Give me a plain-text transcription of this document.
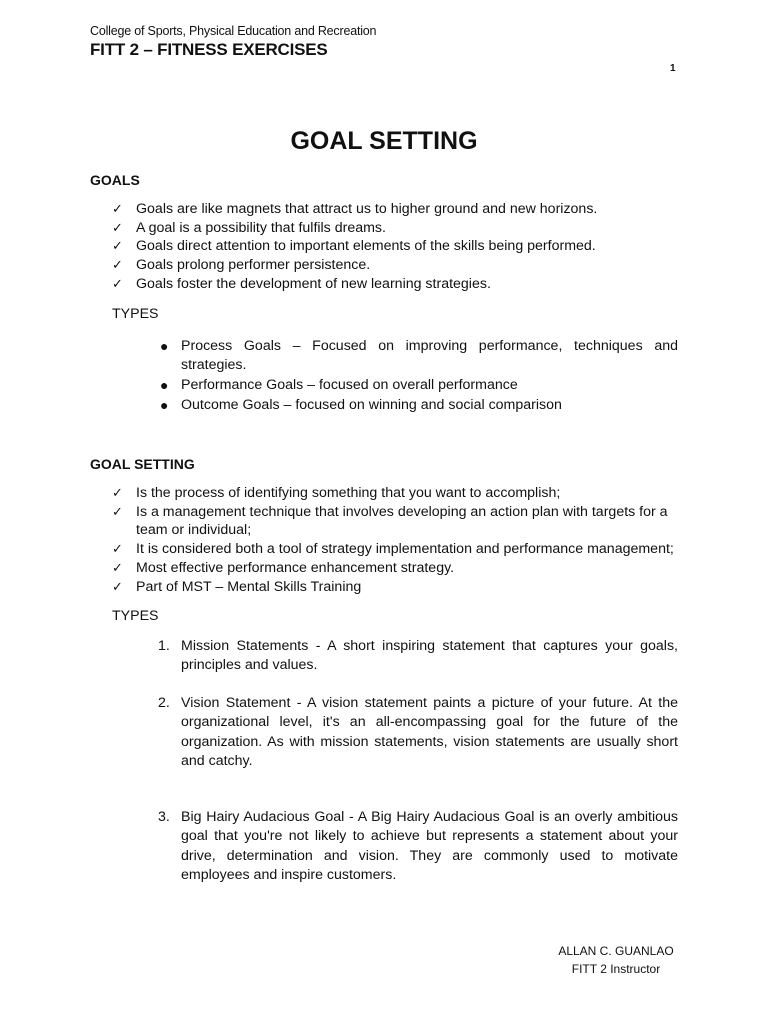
College of Sports, Physical Education and Recreation
FITT 2 – FITNESS EXERCISES
1
GOAL SETTING
GOALS
✓ Goals are like magnets that attract us to higher ground and new horizons.
✓ A goal is a possibility that fulfils dreams.
✓ Goals direct attention to important elements of the skills being performed.
✓ Goals prolong performer persistence.
✓ Goals foster the development of new learning strategies.
TYPES
● Process Goals – Focused on improving performance, techniques and strategies.
● Performance Goals – focused on overall performance
● Outcome Goals – focused on winning and social comparison
GOAL SETTING
✓ Is the process of identifying something that you want to accomplish;
✓ Is a management technique that involves developing an action plan with targets for a team or individual;
✓ It is considered both a tool of strategy implementation and performance management;
✓ Most effective performance enhancement strategy.
✓ Part of MST – Mental Skills Training
TYPES
1. Mission Statements - A short inspiring statement that captures your goals, principles and values.
2. Vision Statement - A vision statement paints a picture of your future. At the organizational level, it's an all-encompassing goal for the future of the organization. As with mission statements, vision statements are usually short and catchy.
3. Big Hairy Audacious Goal - A Big Hairy Audacious Goal is an overly ambitious goal that you're not likely to achieve but represents a statement about your drive, determination and vision. They are commonly used to motivate employees and inspire customers.
ALLAN C. GUANLAO
FITT 2 Instructor
